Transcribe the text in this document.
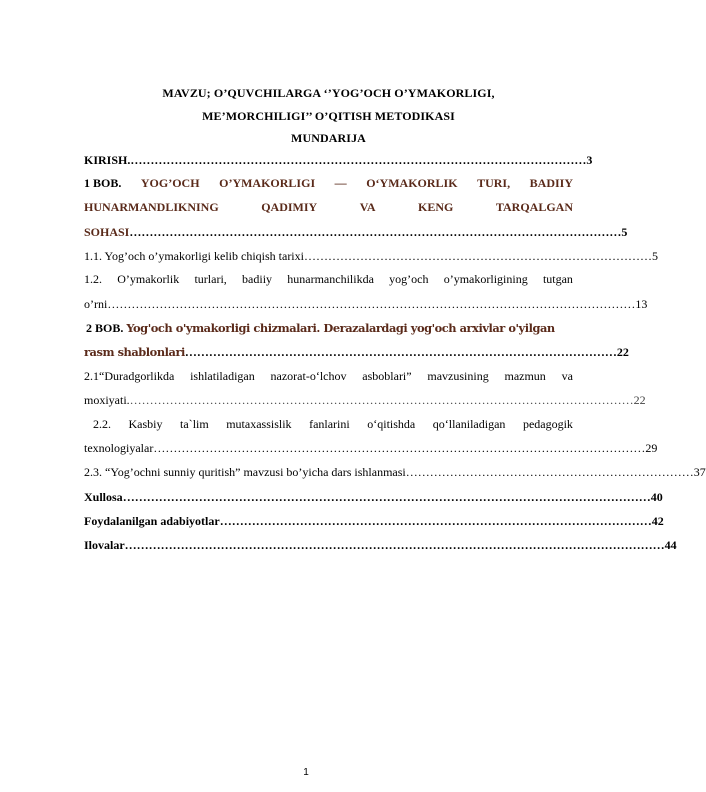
MAVZU; O’QUVCHILARGA ‘’YOG’OCH O’YMAKORLIGI,
ME’MORCHILIGI’’ O’QITISH METODIKASI
MUNDARIJA
KIRISH. …………………………………………………………………………………………………… 3
1 BOB. YOG’OCH O’YMAKORLIGI — O‘YMAKORLIK TURI, BADIIY
HUNARMANDLIKNING	QADIMIY	VA	KENG	TARQALGAN
SOHASI …………………………………………………………………………………………………………… 5
1.1. Yog’och o’ymakorligi kelib chiqish tarixi …………………………………………………………………………… 5
1.2. O’ymakorlik turlari, badiiy hunarmanchilikda yog’och o’ymakorligining tutgan
o’rni …………………………………………………………………………………………………………………… 13
2 BOB. Yog'och o'ymakorligi chizmalari. Derazalardagi yog'och arxivlar o'yilgan
rasm shablonlari ……………………………………………………………………………………………… 22
2.1“Duradgorlikda ishlatiladigan nazorat-o‘lchov asboblari” mavzusining mazmun va
moxiyati. ……………………………………………………………………………………………………………… 22
2.2. Kasbiy ta`lim mutaxassislik fanlarini o‘qitishda qo‘llaniladigan pedagogik
texnologiyalar …………………………………………………………………………………………………………… 29
2.3. “Yog’ochni sunniy quritish” mavzusi bo’yicha dars ishlanmasi ……………………………………………………………… 37
Xullosa …………………………………………………………………………………………………………………… 40
Foydalanilgan adabiyotlar ……………………………………………………………………………………………… 42
Ilovalar ……………………………………………………………………………………………………………………… 44
1
